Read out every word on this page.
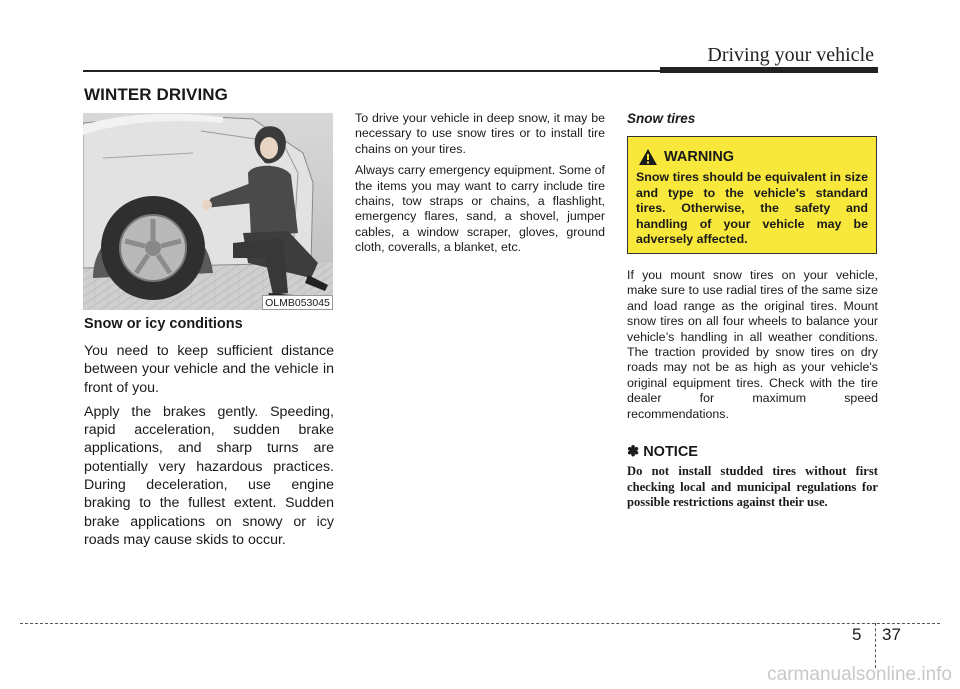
Driving your vehicle
WINTER DRIVING
OLMB053045
Snow or icy conditions

You need to keep sufficient distance between your vehicle and the vehicle in front of you.

Apply the brakes gently. Speeding, rapid acceleration, sudden brake applications, and sharp turns are potentially very hazardous practices. During deceleration, use engine braking to the fullest extent. Sudden brake applications on snowy or icy roads may cause skids to occur.

To drive your vehicle in deep snow, it may be necessary to use snow tires or to install tire chains on your tires.

Always carry emergency equipment. Some of the items you may want to carry include tire chains, tow straps or chains, a flashlight, emergency flares, sand, a shovel, jumper cables, a window scraper, gloves, ground cloth, coveralls, a blanket, etc.

Snow tires
WARNING
Snow tires should be equivalent in size and type to the vehicle's standard tires. Otherwise, the safety and handling of your vehicle may be adversely affected.

If you mount snow tires on your vehicle, make sure to use radial tires of the same size and load range as the original tires. Mount snow tires on all four wheels to balance your vehicle’s handling in all weather conditions. The traction provided by snow tires on dry roads may not be as high as your vehicle's original equipment tires. Check with the tire dealer for maximum speed recommendations.

✽
NOTICE

Do not install studded tires without first checking local and municipal regulations for possible restrictions against their use.

5 37
carmanualsonline.info
